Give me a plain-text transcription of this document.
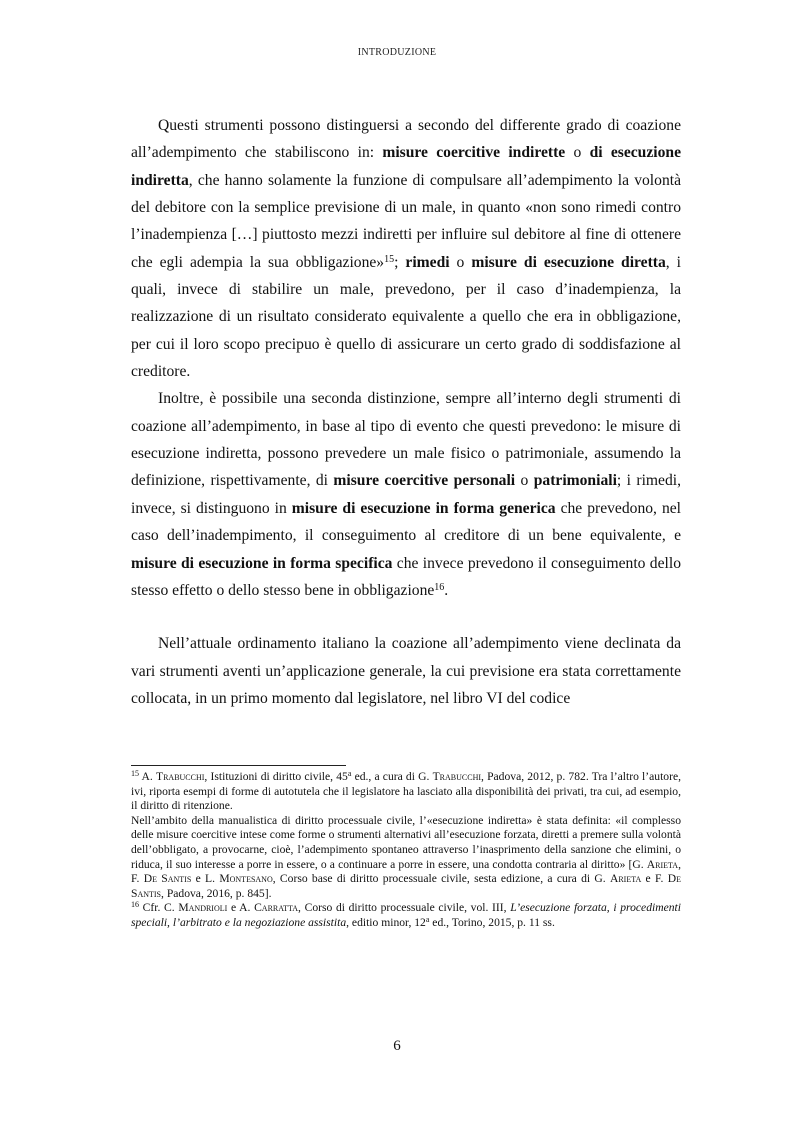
INTRODUZIONE

Questi strumenti possono distinguersi a secondo del differente grado di coazione all’adempimento che stabiliscono in: misure coercitive indirette o di esecuzione indiretta, che hanno solamente la funzione di compulsare all’adempimento la volontà del debitore con la semplice previsione di un male, in quanto «non sono rimedi contro l’inadempienza […] piuttosto mezzi indiretti per influire sul debitore al fine di ottenere che egli adempia la sua obbligazione»$^{15}$; rimedi o misure di esecuzione diretta, i quali, invece di stabilire un male, prevedono, per il caso d’inadempienza, la realizzazione di un risultato considerato equivalente a quello che era in obbligazione, per cui il loro scopo precipuo è quello di assicurare un certo grado di soddisfazione al creditore.

Inoltre, è possibile una seconda distinzione, sempre all’interno degli strumenti di coazione all’adempimento, in base al tipo di evento che questi prevedono: le misure di esecuzione indiretta, possono prevedere un male fisico o patrimoniale, assumendo la definizione, rispettivamente, di misure coercitive personali o patrimoniali; i rimedi, invece, si distinguono in misure di esecuzione in forma generica che prevedono, nel caso dell’inadempimento, il conseguimento al creditore di un bene equivalente, e misure di esecuzione in forma specifica che invece prevedono il conseguimento dello stesso effetto o dello stesso bene in obbligazione$^{16}$.

Nell’attuale ordinamento italiano la coazione all’adempimento viene declinata da vari strumenti aventi un’applicazione generale, la cui previsione era stata correttamente collocata, in un primo momento dal legislatore, nel libro VI del codice

$^{15}$ A. Trabucchi, Istituzioni di diritto civile, 45$^a$ ed., a cura di G. Trabucchi, Padova, 2012, p. 782. Tra l’altro l’autore, ivi, riporta esempi di forme di autotutela che il legislatore ha lasciato alla disponibilità dei privati, tra cui, ad esempio, il diritto di ritenzione.

Nell’ambito della manualistica di diritto processuale civile, l’«esecuzione indiretta» è stata definita: «il complesso delle misure coercitive intese come forme o strumenti alternativi all’esecuzione forzata, diretti a premere sulla volontà dell’obbligato, a provocarne, cioè, l’adempimento spontaneo attraverso l’inasprimento della sanzione che elimini, o riduca, il suo interesse a porre in essere, o a continuare a porre in essere, una condotta contraria al diritto» [G. Arieta, F. De Santis e L. Montesano, Corso base di diritto processuale civile, sesta edizione, a cura di G. Arieta e F. De Santis, Padova, 2016, p. 845].

$^{16}$ Cfr. C. Mandrioli e A. Carratta, Corso di diritto processuale civile, vol. III, L’esecuzione forzata, i procedimenti speciali, l’arbitrato e la negoziazione assistita, editio minor, 12$^a$ ed., Torino, 2015, p. 11 ss.

6
